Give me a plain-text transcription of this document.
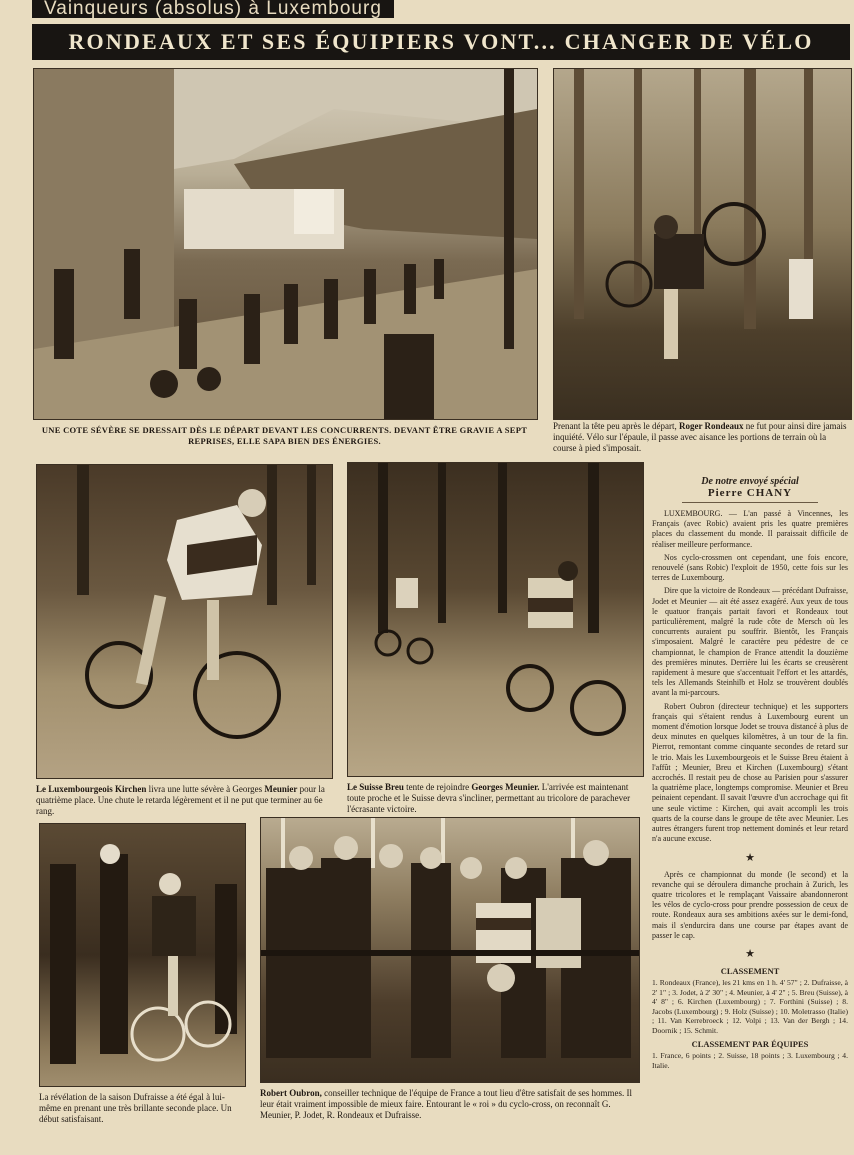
Vainqueurs (absolus) à Luxembourg
RONDEAUX ET SES ÉQUIPIERS VONT... CHANGER DE VÉLO
UNE COTE SÉVÈRE SE DRESSAIT DÈS LE DÉPART DEVANT LES CONCURRENTS. DEVANT ÊTRE GRAVIE A SEPT REPRISES, ELLE SAPA BIEN DES ÉNERGIES.
Prenant la tête peu après le départ, Roger Rondeaux ne fut pour ainsi dire jamais inquiété. Vélo sur l'épaule, il passe avec aisance les portions de terrain où la course à pied s'imposait.
Le Luxembourgeois Kirchen livra une lutte sévère à Georges Meunier pour la quatrième place. Une chute le retarda légèrement et il ne put que terminer au 6e rang.
Le Suisse Breu tente de rejoindre Georges Meunier. L'arrivée est maintenant toute proche et le Suisse devra s'incliner, permettant au tricolore de parachever l'écrasante victoire.
La révélation de la saison Dufraisse a été égal à lui-même en prenant une très brillante seconde place. Un début satisfaisant.
Robert Oubron, conseiller technique de l'équipe de France a tout lieu d'être satisfait de ses hommes. Il leur était vraiment impossible de mieux faire. Entourant le « roi » du cyclo-cross, on reconnaît G. Meunier, P. Jodet, R. Rondeaux et Dufraisse.
De notre envoyé spécial
Pierre CHANY

LUXEMBOURG. — L'an passé à Vincennes, les Français (avec Robic) avaient pris les quatre premières places du classement du monde. Il paraissait difficile de réaliser meilleure performance.

Nos cyclo-crossmen ont cependant, une fois encore, renouvelé (sans Robic) l'exploit de 1950, cette fois sur les terres de Luxembourg.

Dire que la victoire de Rondeaux — précédant Dufraisse, Jodet et Meunier — ait été assez exagéré. Aux yeux de tous le quatuor français partait favori et Rondeaux tout particulièrement, malgré la rude côte de Mersch où les concurrents auraient pu souffrir. Bientôt, les Français s'imposaient. Malgré le caractère peu pédestre de ce championnat, le champion de France attendit la douzième des premières minutes. Derrière lui les écarts se creusèrent rapidement à mesure que s'accentuait l'effort et les attardés, tels les Allemands Steinhilb et Holz se trouvèrent doublés avant la mi-parcours.

Robert Oubron (directeur technique) et les supporters français qui s'étaient rendus à Luxembourg eurent un moment d'émotion lorsque Jodet se trouva distancé à plus de deux minutes en quelques kilomètres, à un tour de la fin. Pierrot, remontant comme cinquante secondes de retard sur le trio. Mais les Luxembourgeois et le Suisse Breu étaient à l'affût ; Meunier, Breu et Kirchen (Luxembourg) s'étant accrochés. Il restait peu de chose au Parisien pour s'assurer la quatrième place, longtemps compromise. Meunier et Breu peinaient cependant. Il savait l'œuvre d'un accrochage qui fit une seule victime : Kirchen, qui avait accompli les trois quarts de la course dans le groupe de tête avec Meunier. Les autres étrangers furent trop nettement dominés et leur retard n'a aucune excuse.

★

Après ce championnat du monde (le second) et la revanche qui se déroulera dimanche prochain à Zurich, les quatre tricolores et le remplaçant Vaissaire abandonneront les vélos de cyclo-cross pour prendre possession de ceux de route. Rondeaux aura ses ambitions axées sur le demi-fond, mais il s'endurcira dans une course par étapes avant de passer le cap.

★
CLASSEMENT
1. Rondeaux (France), les 21 kms en 1 h. 4' 57" ; 2. Dufraisse, à 2' 1" ; 3. Jodet, à 2' 30" ; 4. Meunier, à 4' 2" ; 5. Breu (Suisse), à 4' 8" ; 6. Kirchen (Luxembourg) ; 7. Forthini (Suisse) ; 8. Jacobs (Luxembourg) ; 9. Holz (Suisse) ; 10. Moletrasso (Italie) ; 11. Van Kerrebroeck ; 12. Volpi ; 13. Van der Bergh ; 14. Doornik ; 15. Schmit.
CLASSEMENT PAR ÉQUIPES
1. France, 6 points ; 2. Suisse, 18 points ; 3. Luxembourg ; 4. Italie.
